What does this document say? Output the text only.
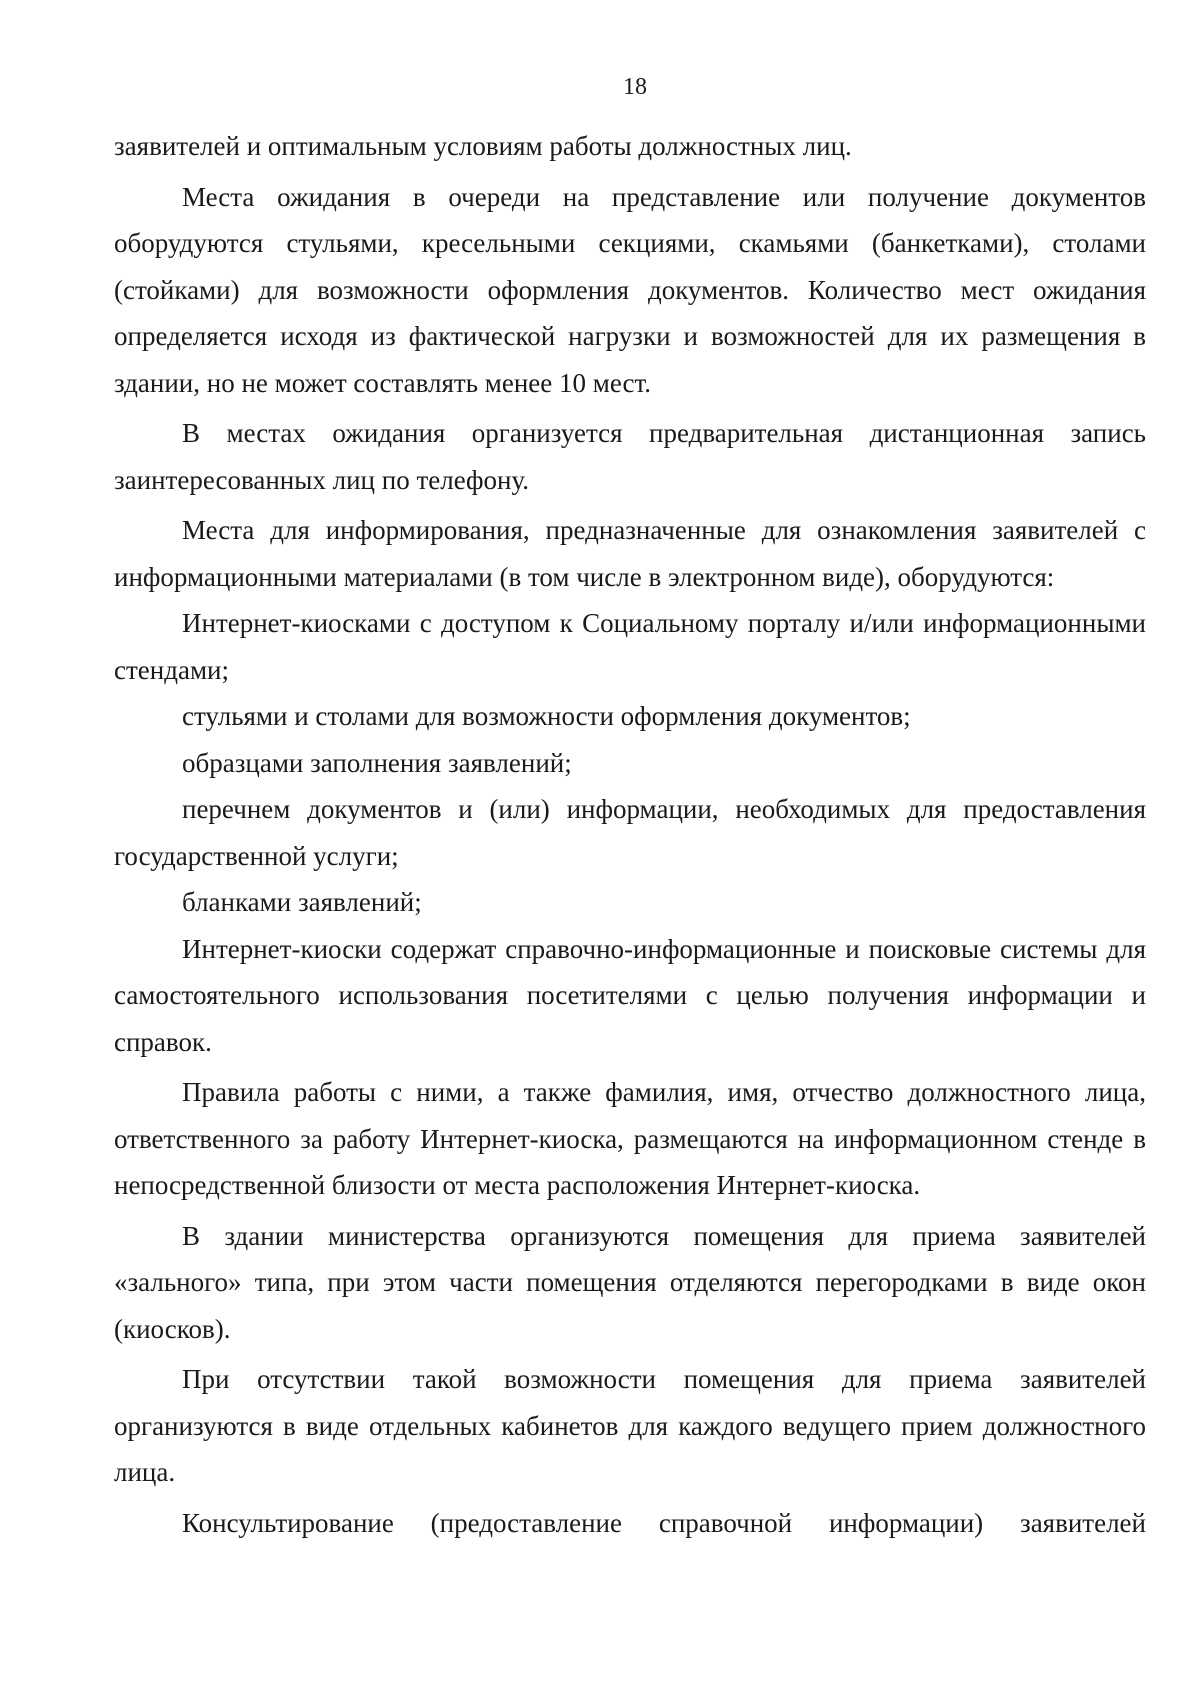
18

заявителей и оптимальным условиям работы должностных лиц.

Места ожидания в очереди на представление или получение документов оборудуются стульями, кресельными секциями, скамьями (банкетками), столами (стойками) для возможности оформления документов. Количество мест ожидания определяется исходя из фактической нагрузки и возможностей для их размещения в здании, но не может составлять менее 10 мест.

В местах ожидания организуется предварительная дистанционная запись заинтересованных лиц по телефону.

Места для информирования, предназначенные для ознакомления заявителей с информационными материалами (в том числе в электронном виде), оборудуются:

Интернет-киосками с доступом к Социальному порталу и/или информационными стендами;

стульями и столами для возможности оформления документов;

образцами заполнения заявлений;

перечнем документов и (или) информации, необходимых для предоставления государственной услуги;

бланками заявлений;

Интернет-киоски содержат справочно-информационные и поисковые системы для самостоятельного использования посетителями с целью получения информации и справок.

Правила работы с ними, а также фамилия, имя, отчество должностного лица, ответственного за работу Интернет-киоска, размещаются на информационном стенде в непосредственной близости от места расположения Интернет-киоска.

В здании министерства организуются помещения для приема заявителей «зального» типа, при этом части помещения отделяются перегородками в виде окон (киосков).

При отсутствии такой возможности помещения для приема заявителей организуются в виде отдельных кабинетов для каждого ведущего прием должностного лица.

Консультирование (предоставление справочной информации) заявителей
